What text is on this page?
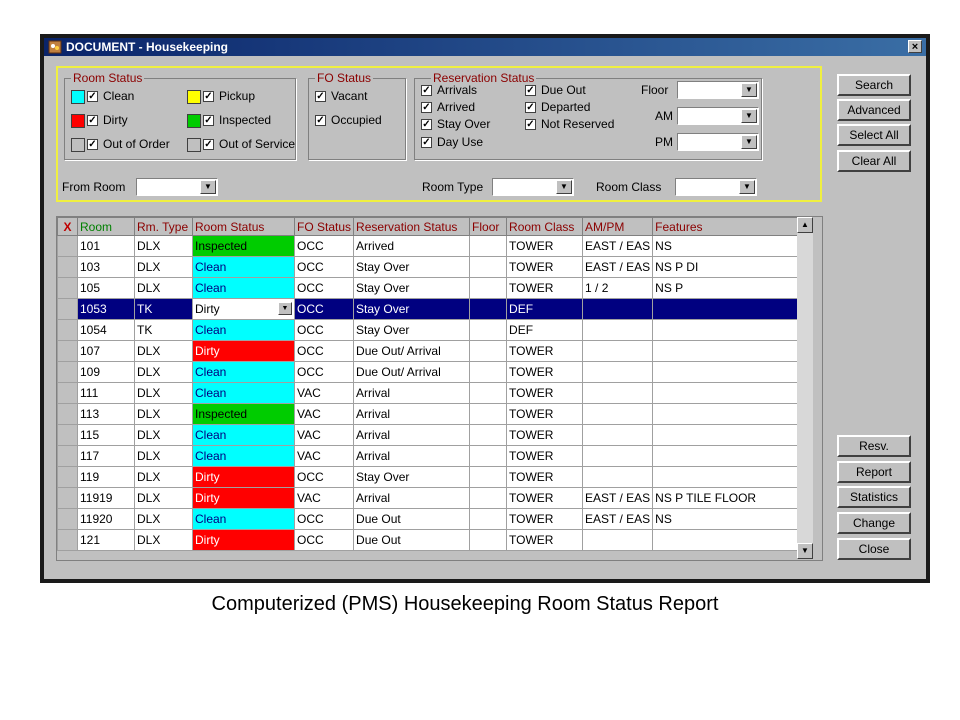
DOCUMENT - Housekeeping	×
Room Status
✓ Clean	✓ Pickup
✓ Dirty	✓ Inspected
✓ Out of Order	✓ Out of Service
FO Status
✓ Vacant
✓ Occupied
Reservation Status
✓ Arrivals	✓ Due Out
✓ Arrived	✓ Departed
✓ Stay Over	✓ Not Reserved
✓ Day Use
Floor	▼
AM	▼
PM	▼
From Room	▼	Room Type	▼	Room Class	▼
Search
Advanced
Select All
Clear All
Resv.
Report
Statistics
Change
Close
X	Room	Rm. Type	Room Status	FO Status	Reservation Status	Floor	Room Class	AM/PM	Features
	101	DLX	Inspected	OCC	Arrived		TOWER	EAST / EAS	NS
	103	DLX	Clean	OCC	Stay Over		TOWER	EAST / EAS	NS P DI
	105	DLX	Clean	OCC	Stay Over		TOWER	1 / 2	NS P
	1053	TK	Dirty ▼	OCC	Stay Over		DEF		
	1054	TK	Clean	OCC	Stay Over		DEF		
	107	DLX	Dirty	OCC	Due Out/ Arrival		TOWER		
	109	DLX	Clean	OCC	Due Out/ Arrival		TOWER		
	111	DLX	Clean	VAC	Arrival		TOWER		
	113	DLX	Inspected	VAC	Arrival		TOWER		
	115	DLX	Clean	VAC	Arrival		TOWER		
	117	DLX	Clean	VAC	Arrival		TOWER		
	119	DLX	Dirty	OCC	Stay Over		TOWER		
	11919	DLX	Dirty	VAC	Arrival		TOWER	EAST / EAS	NS P TILE FLOOR
	11920	DLX	Clean	OCC	Due Out		TOWER	EAST / EAS	NS
	121	DLX	Dirty	OCC	Due Out		TOWER		
▲
▼
Computerized (PMS) Housekeeping Room Status Report
